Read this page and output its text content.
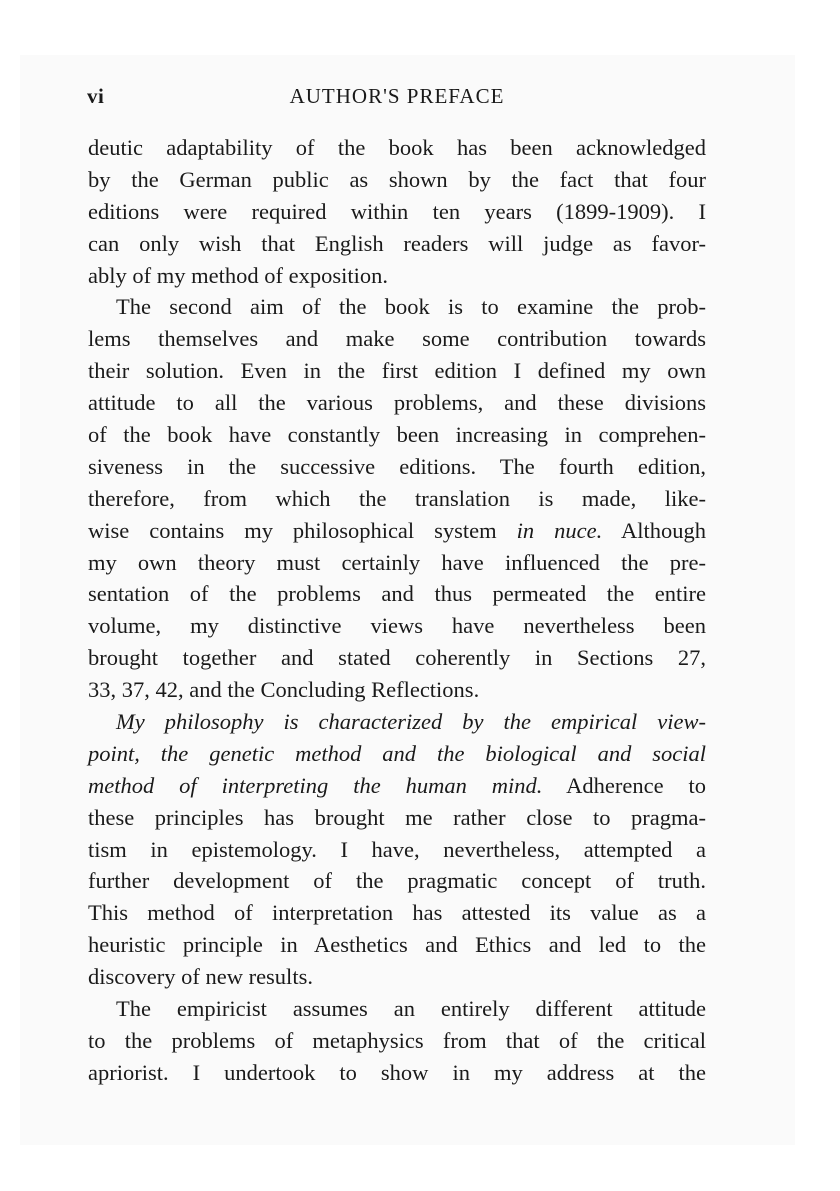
vi	AUTHOR'S PREFACE
deutic adaptability of the book has been acknowledged
by the German public as shown by the fact that four
editions were required within ten years (1899-1909). I
can only wish that English readers will judge as favor-
ably of my method of exposition.
The second aim of the book is to examine the prob-
lems themselves and make some contribution towards
their solution. Even in the first edition I defined my own
attitude to all the various problems, and these divisions
of the book have constantly been increasing in comprehen-
siveness in the successive editions. The fourth edition,
therefore, from which the translation is made, like-
wise contains my philosophical system in nuce. Although
my own theory must certainly have influenced the pre-
sentation of the problems and thus permeated the entire
volume, my distinctive views have nevertheless been
brought together and stated coherently in Sections 27,
33, 37, 42, and the Concluding Reflections.
My philosophy is characterized by the empirical view-
point, the genetic method and the biological and social
method of interpreting the human mind. Adherence to
these principles has brought me rather close to pragma-
tism in epistemology. I have, nevertheless, attempted a
further development of the pragmatic concept of truth.
This method of interpretation has attested its value as a
heuristic principle in Aesthetics and Ethics and led to the
discovery of new results.
The empiricist assumes an entirely different attitude
to the problems of metaphysics from that of the critical
apriorist. I undertook to show in my address at the
